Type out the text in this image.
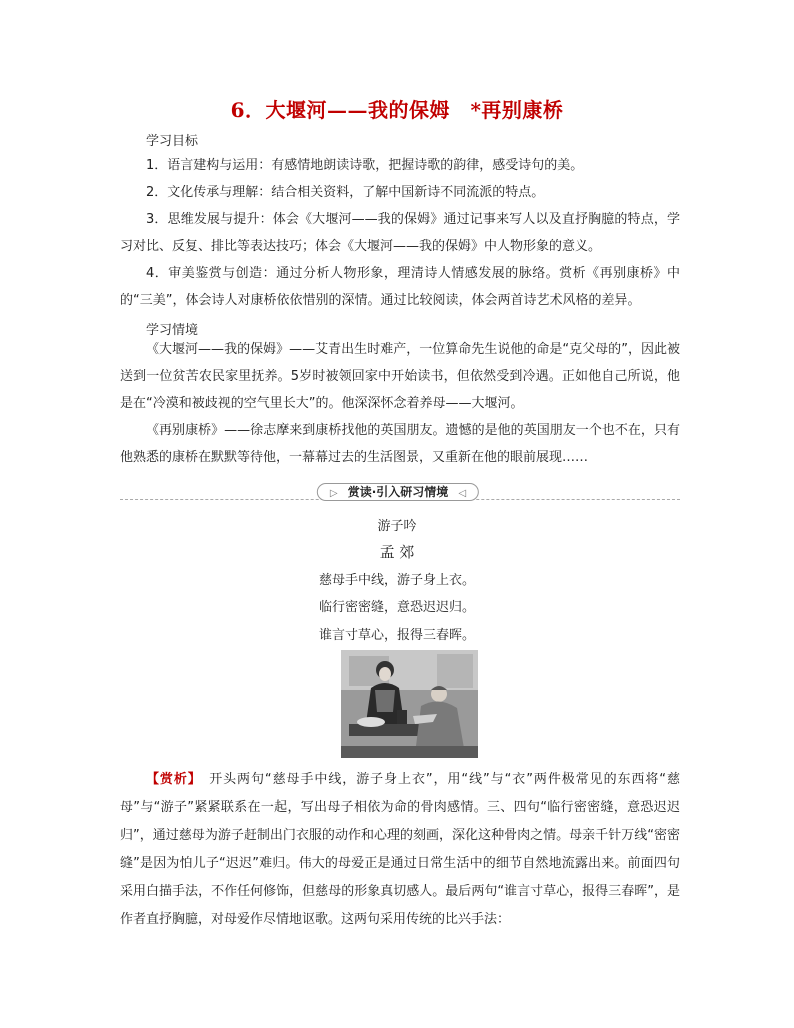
6．大堰河——我的保姆　*再别康桥
学习目标

1．语言建构与运用：有感情地朗读诗歌，把握诗歌的韵律，感受诗句的美。

2．文化传承与理解：结合相关资料，了解中国新诗不同流派的特点。

3．思维发展与提升：体会《大堰河——我的保姆》通过记事来写人以及直抒胸臆的特点，学习对比、反复、排比等表达技巧；体会《大堰河——我的保姆》中人物形象的意义。

4．审美鉴赏与创造：通过分析人物形象，理清诗人情感发展的脉络。赏析《再别康桥》中的“三美”，体会诗人对康桥依依惜别的深情。通过比较阅读，体会两首诗艺术风格的差异。

学习情境

《大堰河——我的保姆》——艾青出生时难产，一位算命先生说他的命是“克父母的”，因此被送到一位贫苦农民家里抚养。5岁时被领回家中开始读书，但依然受到冷遇。正如他自己所说，他是在“冷漠和被歧视的空气里长大”的。他深深怀念着养母——大堰河。

《再别康桥》——徐志摩来到康桥找他的英国朋友。遗憾的是他的英国朋友一个也不在，只有他熟悉的康桥在默默等待他，一幕幕过去的生活图景，又重新在他的眼前展现……

▷ 赏读·引入研习情境 ◁
游子吟
孟 郊
慈母手中线，游子身上衣。
临行密密缝，意恐迟迟归。
谁言寸草心，报得三春晖。

【赏析】　 开头两句“慈母手中线，游子身上衣”，用“线”与“衣”两件极常见的东西将“慈母”与“游子”紧紧联系在一起，写出母子相依为命的骨肉感情。三、四句“临行密密缝，意恐迟迟归”，通过慈母为游子赶制出门衣服的动作和心理的刻画，深化这种骨肉之情。母亲千针万线“密密缝”是因为怕儿子“迟迟”难归。伟大的母爱正是通过日常生活中的细节自然地流露出来。前面四句采用白描手法，不作任何修饰，但慈母的形象真切感人。最后两句“谁言寸草心，报得三春晖”，是作者直抒胸臆，对母爱作尽情地讴歌。这两句采用传统的比兴手法：
